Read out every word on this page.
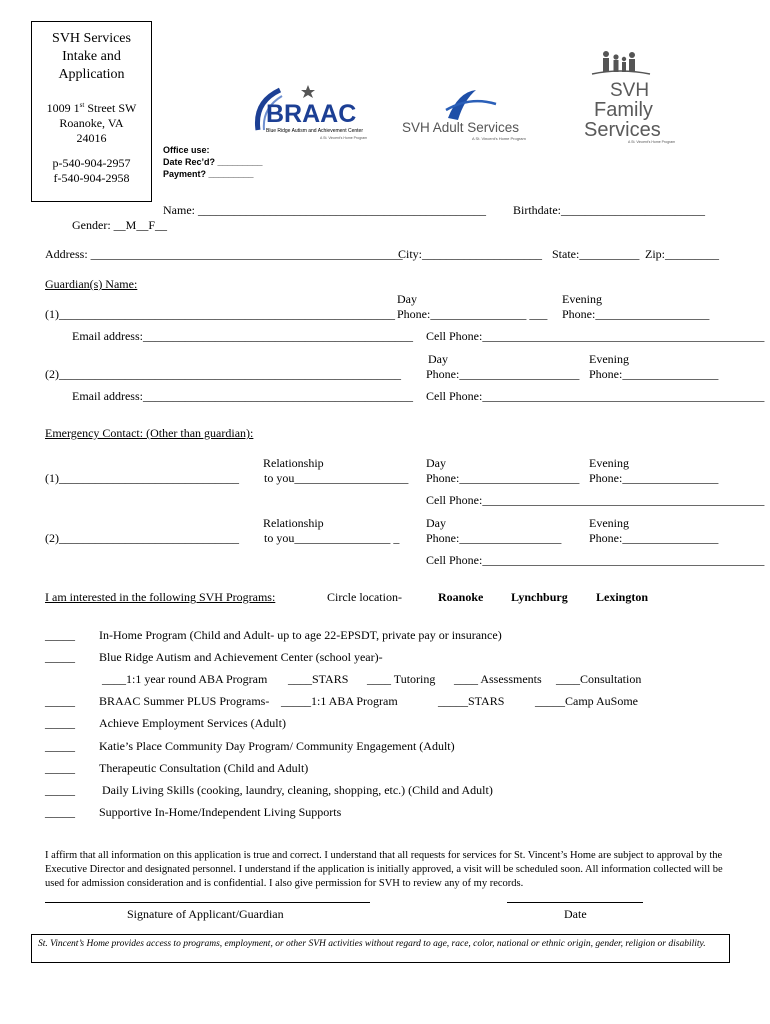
SVH Services
Intake and
Application
1009 1st Street SW
Roanoke, VA
24016
p-540-904-2957
f-540-904-2958
Office use:
Date Rec’d? _________
Payment? _________
BRAAC
Blue Ridge Autism and Achievement Center
A St. Vincent's Home Program
SVH Adult Services
A St. Vincent's Home Program
SVH
Family
Services
A St. Vincent's Home Program
Name: ________________________________________________ Birthdate:________________________
Gender: __M__F__
Address: ____________________________________________________
City:____________________ State:__________ Zip:_________
Guardian(s) Name:
Day	Evening
(1)________________________________________________________ Phone:________________ ___ Phone:___________________
Email address:_____________________________________________ Cell Phone:_______________________________________________
Day	Evening
(2)_________________________________________________________ Phone:____________________ Phone:________________
Email address:_____________________________________________ Cell Phone:_______________________________________________
Emergency Contact: (Other than guardian):
Relationship	Day	Evening
(1)______________________________ to you___________________ Phone:____________________ Phone:________________
Cell Phone:_______________________________________________
Relationship	Day	Evening
(2)______________________________ to you________________ _ Phone:_________________ Phone:________________
Cell Phone:_______________________________________________
I am interested in the following SVH Programs:	Circle location-	Roanoke Lynchburg Lexington
_____ In-Home Program (Child and Adult- up to age 22-EPSDT, private pay or insurance)
_____ Blue Ridge Autism and Achievement Center (school year)-
____1:1 year round ABA Program ____STARS ____ Tutoring ____ Assessments ____Consultation
_____ BRAAC Summer PLUS Programs- _____1:1 ABA Program	_____STARS	_____Camp AuSome
_____ Achieve Employment Services (Adult)
_____ Katie’s Place Community Day Program/ Community Engagement (Adult)
_____ Therapeutic Consultation (Child and Adult)
_____ Daily Living Skills (cooking, laundry, cleaning, shopping, etc.) (Child and Adult)
_____ Supportive In-Home/Independent Living Supports
I affirm that all information on this application is true and correct. I understand that all requests for services for St. Vincent’s Home are subject to approval by the Executive Director and designated personnel. I understand if the application is initially approved, a visit will be scheduled soon. All information collected will be used for admission consideration and is confidential. I also give permission for SVH to review any of my records.
Signature of Applicant/Guardian	Date
St. Vincent’s Home provides access to programs, employment, or other SVH activities without regard to age, race, color, national or ethnic origin, gender, religion or disability.
